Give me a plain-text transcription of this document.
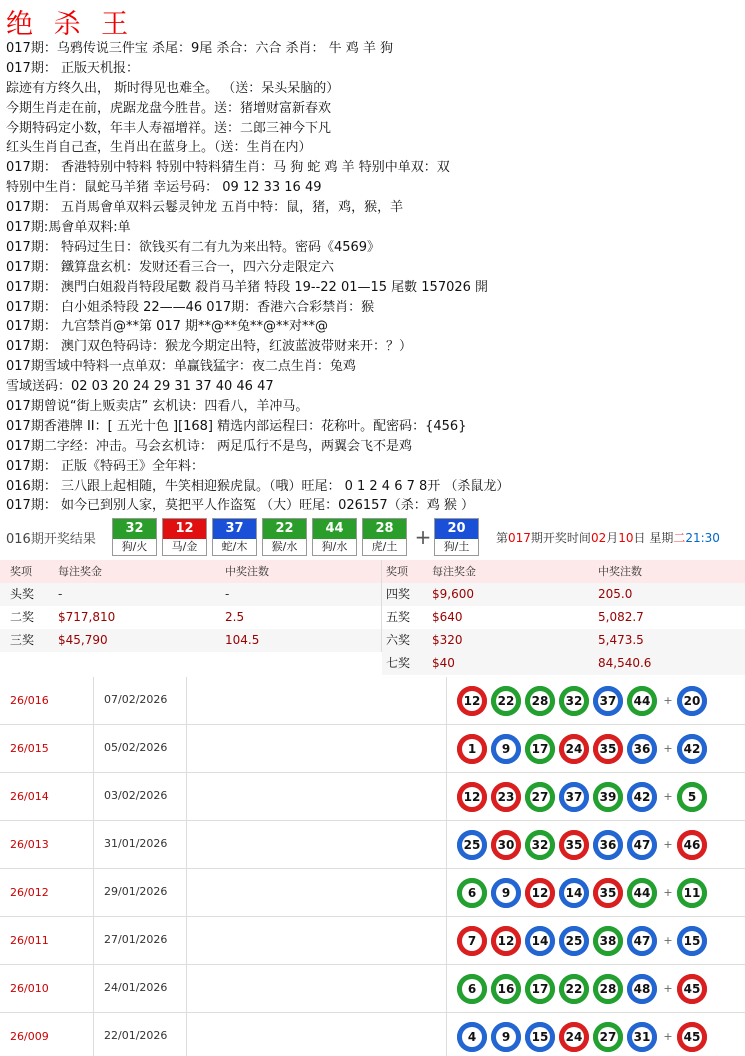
绝 杀 王
017期：乌鸦传说三件宝 杀尾：9尾 杀合：六合 杀肖： 牛 鸡 羊 狗
017期： 正版天机报：
踪迹有方终久出， 斯时得见也难全。 （送：呆头呆脑的）
今期生肖走在前，虎踞龙盘今胜昔。送：猪增财富新春欢
今期特码定小数，年丰人寿福增祥。送：二郎三神今下凡
红头生肖自己查，生肖出在蓝身上。（送：生肖在内）
017期： 香港特别中特料 特别中特料猜生肖：马 狗 蛇 鸡 羊 特别中单双：双
特别中生肖：鼠蛇马羊猪 幸运号码： 09 12 33 16 49
017期： 五肖馬會单双料云鬈灵钟龙 五肖中特：鼠，猪，鸡，猴，羊
017期:馬會单双料:单
017期： 特码过生日：欲钱买有二有九为来出特。密码《4569》
017期： 鐵算盘玄机：发财还看三合一，四六分走限定六
017期： 澳門白姐殺肖特段尾數 殺肖马羊猪 特段 19--22 01—15 尾數 157026 開
017期： 白小姐杀特段 22——46 017期：香港六合彩禁肖：猴
017期： 九宫禁肖@**第 017 期**@**兔**@**对**@
017期： 澳门双色特码诗：猴龙今期定出特，红波蓝波带财来开：？）
017期雪域中特料一点单双：单赢钱猛字：夜二点生肖：兔鸡
雪域送码：02 03 20 24 29 31 37 40 46 47
017期曾说“街上贩卖店” 玄机诀：四看八，羊冲马。
017期香港牌 II：[ 五光十色 ][168] 精选内部运程曰：花称叶。配密码：{456}
017期二字经：冲击。马会玄机诗： 两足瓜行不是鸟，两翼会飞不是鸡
017期： 正版《特码王》全年料：
016期： 三八跟上起相随，牛笑相迎猴虎鼠。（哦）旺尾： 0 1 2 4 6 7 8开 （杀鼠龙）
017期： 如今已到别人家，莫把平人作盗冤 （大）旺尾：026157（杀：鸡 猴 ）
016期开奖结果
32
狗/火
12
马/金
37
蛇/木
22
猴/水
44
狗/水
28
虎/土 +	20
狗/土
第017期开奖时间02月10日 星期二21:30
奖项	每注奖金	中奖注数	奖项	每注奖金	中奖注数
头奖	-	-	四奖	$9,600	205.0
二奖	$717,810	2.5	五奖	$640	5,082.7
三奖	$45,790	104.5	六奖	$320	5,473.5
七奖	$40	84,540.6
26/016	07/02/2026	12 22 28 32 37 44 + 20
26/015	05/02/2026	1	9	17 24 35 36 + 42
26/014	03/02/2026	12 23 27 37 39 42 +	5
26/013	31/01/2026	25 30 32 35 36 47 + 46
26/012	29/01/2026	6	9	12 14 35 44 + 11
26/011	27/01/2026	7	12 14 25 38 47 + 15
26/010	24/01/2026	6	16 17 22 28 48 + 45
26/009	22/01/2026	4	9	15 24 27 31 + 45
